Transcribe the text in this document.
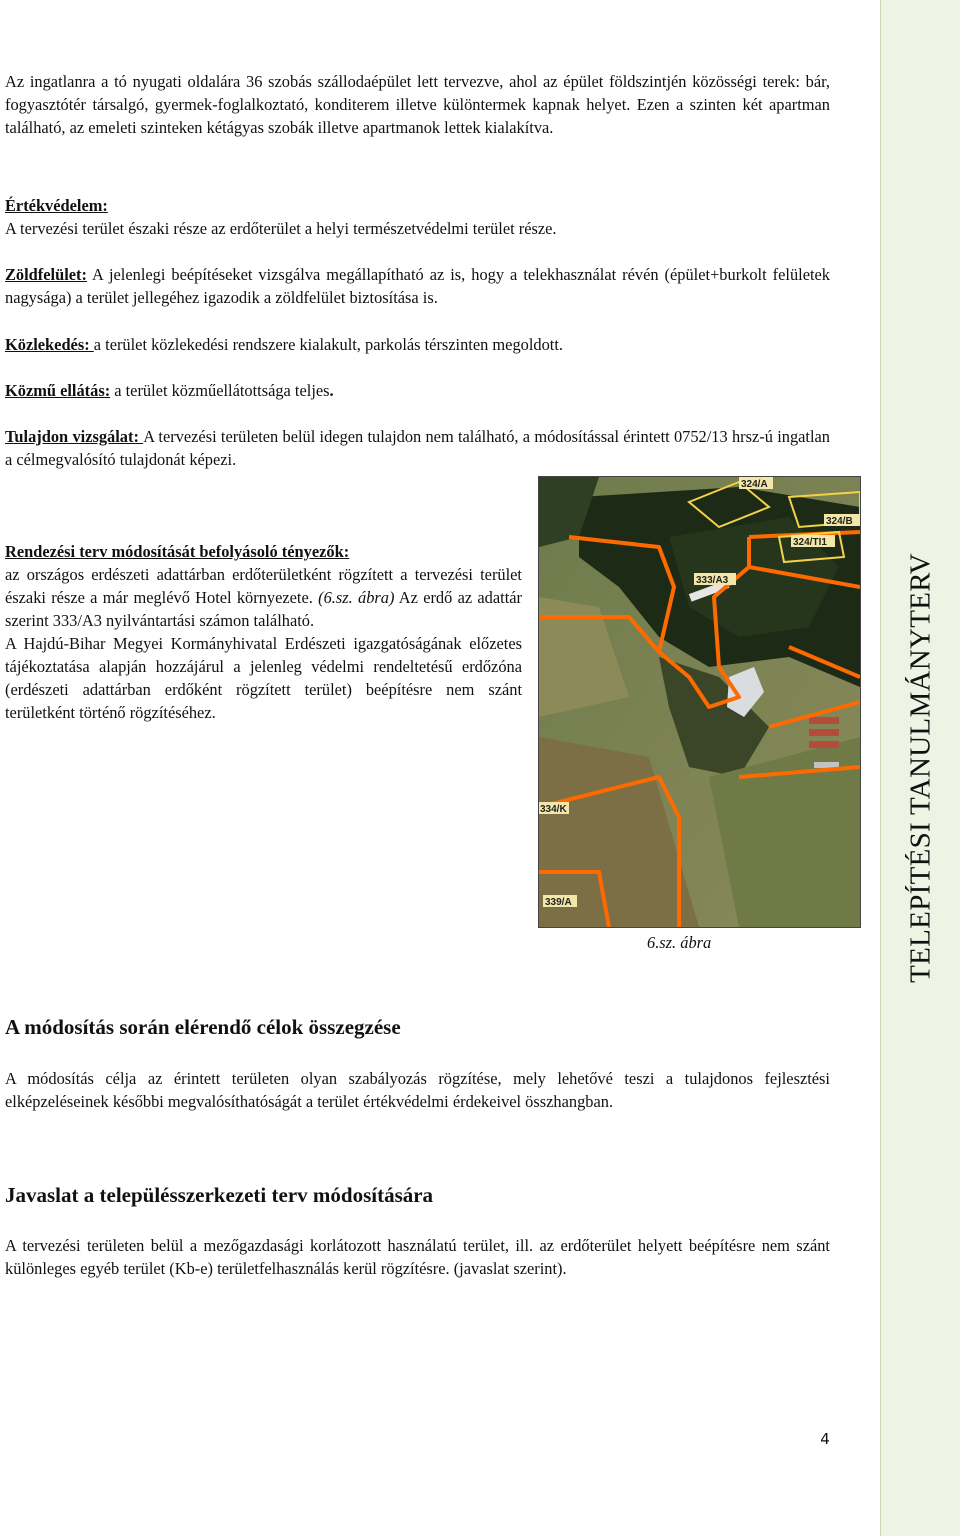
Az ingatlanra a tó nyugati oldalára 36 szobás szállodaépület lett tervezve, ahol az épület földszintjén közösségi terek: bár, fogyasztótér társalgó, gyermek-foglalkoztató, konditerem illetve különtermek kapnak helyet. Ezen a szinten két apartman található, az emeleti szinteken kétágyas szobák illetve apartmanok lettek kialakítva.

Értékvédelem:
A tervezési terület északi része az erdőterület a helyi természetvédelmi terület része.

Zöldfelület: A jelenlegi beépítéseket vizsgálva megállapítható az is, hogy a telekhasználat révén (épület+burkolt felületek nagysága) a terület jellegéhez igazodik a zöldfelület biztosítása is.

Közlekedés: a terület közlekedési rendszere kialakult, parkolás térszinten megoldott.

Közmű ellátás: a terület közműellátottsága teljes.

Tulajdon vizsgálat: A tervezési területen belül idegen tulajdon nem található, a módosítással érintett 0752/13 hrsz-ú ingatlan a célmegvalósító tulajdonát képezi.

Rendezési terv módosítását befolyásoló tényezők:
az országos erdészeti adattárban erdőterületként rögzített a tervezési terület északi része a már meglévő Hotel környezete. (6.sz. ábra) Az erdő az adattár szerint 333/A3 nyilvántartási számon található.
A Hajdú-Bihar Megyei Kormányhivatal Erdészeti igazgatóságának előzetes tájékoztatása alapján hozzájárul a jelenleg védelmi rendeltetésű erdőzóna (erdészeti adattárban erdőként rögzített terület) beépítésre nem szánt területként történő rögzítéséhez.

324/A
324/B
324/TI1
333/A3
334/K
339/A
6.sz. ábra
A módosítás során elérendő célok összegzése

A módosítás célja az érintett területen olyan szabályozás rögzítése, mely lehetővé teszi a tulajdonos fejlesztési elképzeléseinek későbbi megvalósíthatóságát a terület értékvédelmi érdekeivel összhangban.

Javaslat a településszerkezeti terv módosítására

A tervezési területen belül a mezőgazdasági korlátozott használatú terület, ill. az erdőterület helyett beépítésre nem szánt különleges egyéb terület (Kb-e) területfelhasználás kerül rögzítésre. (javaslat szerint).

TELEPÍTÉSI TANULMÁNYTERV
4
